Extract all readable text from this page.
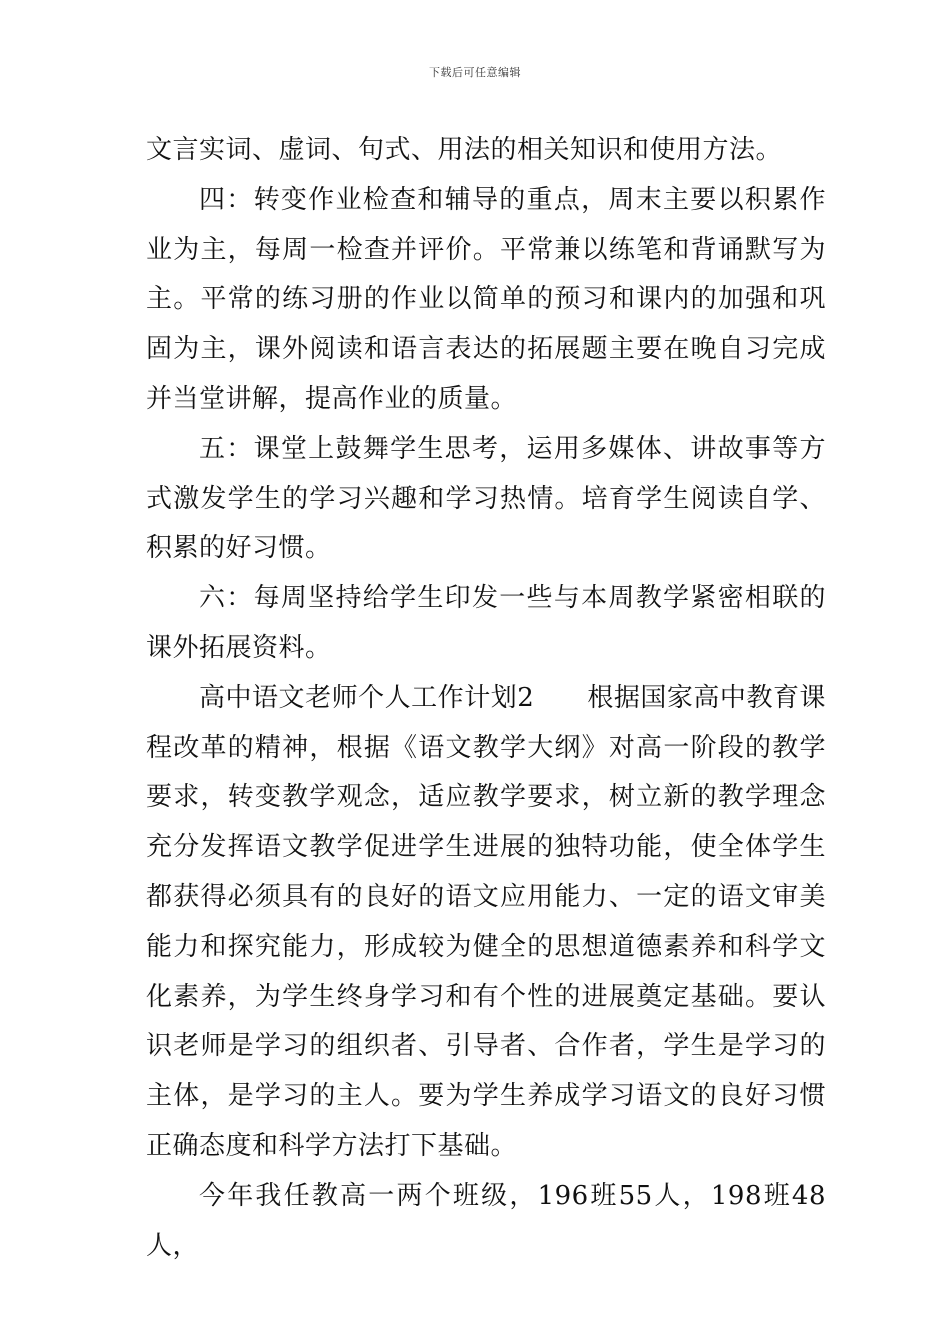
下载后可任意编辑

文言实词、虚词、句式、用法的相关知识和使用方法。

四：转变作业检查和辅导的重点，周末主要以积累作业为主，每周一检查并评价。平常兼以练笔和背诵默写为主。平常的练习册的作业以简单的预习和课内的加强和巩固为主，课外阅读和语言表达的拓展题主要在晚自习完成并当堂讲解，提高作业的质量。

五：课堂上鼓舞学生思考，运用多媒体、讲故事等方式激发学生的学习兴趣和学习热情。培育学生阅读自学、积累的好习惯。

六：每周坚持给学生印发一些与本周教学紧密相联的课外拓展资料。

高中语文老师个人工作计划2　　根据国家高中教育课程改革的精神，根据《语文教学大纲》对高一阶段的教学要求，转变教学观念，适应教学要求，树立新的教学理念充分发挥语文教学促进学生进展的独特功能，使全体学生都获得必须具有的良好的语文应用能力、一定的语文审美能力和探究能力，形成较为健全的思想道德素养和科学文化素养，为学生终身学习和有个性的进展奠定基础。要认识老师是学习的组织者、引导者、合作者，学生是学习的主体，是学习的主人。要为学生养成学习语文的良好习惯正确态度和科学方法打下基础。

今年我任教高一两个班级，196班55人，198班48人，
